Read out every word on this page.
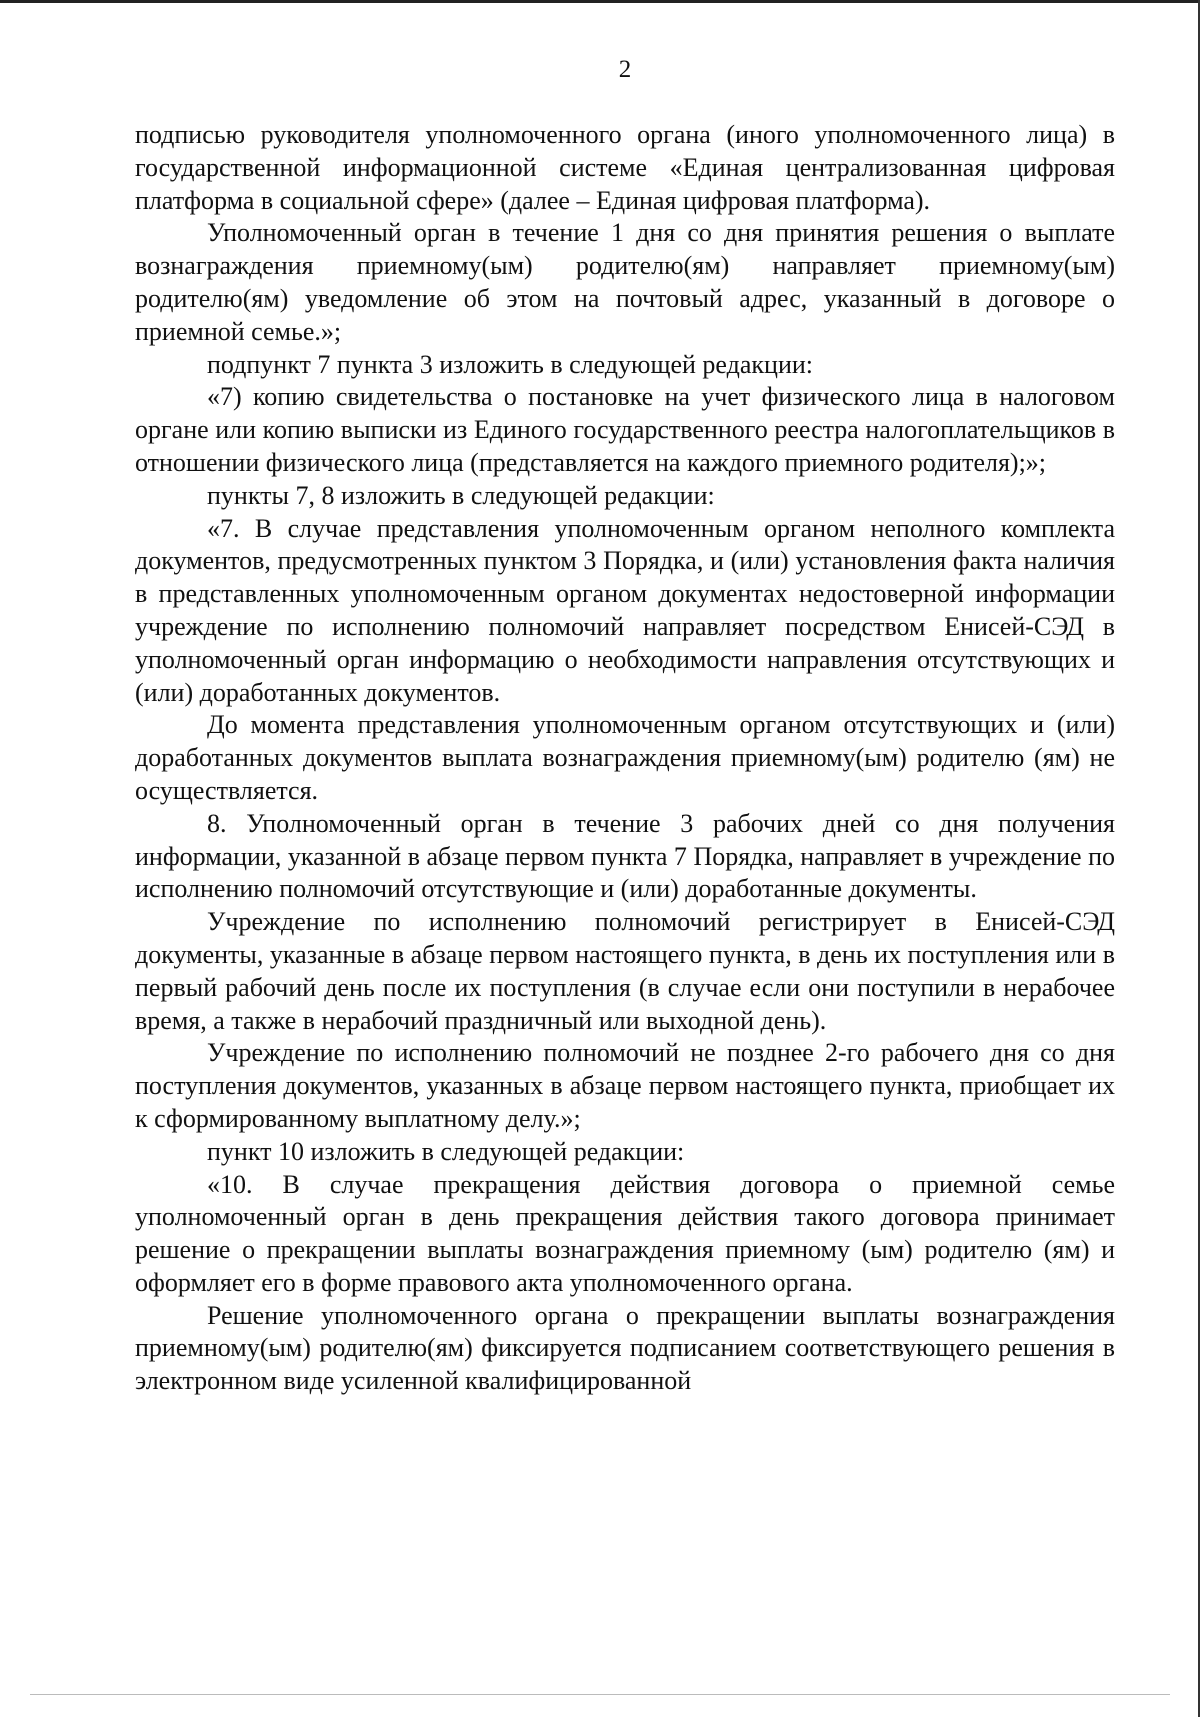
2

подписью руководителя уполномоченного органа (иного уполномоченного лица) в государственной информационной системе «Единая централизованная цифровая платформа в социальной сфере» (далее – Единая цифровая платформа).

Уполномоченный орган в течение 1 дня со дня принятия решения о выплате вознаграждения приемному(ым) родителю(ям) направляет приемному(ым) родителю(ям) уведомление об этом на почтовый адрес, указанный в договоре о приемной семье.»;

подпункт 7 пункта 3 изложить в следующей редакции:

«7) копию свидетельства о постановке на учет физического лица в налоговом органе или копию выписки из Единого государственного реестра налогоплательщиков в отношении физического лица (представляется на каждого приемного родителя);»;

пункты 7, 8 изложить в следующей редакции:

«7. В случае представления уполномоченным органом неполного комплекта документов, предусмотренных пунктом 3 Порядка, и (или) установления факта наличия в представленных уполномоченным органом документах недостоверной информации учреждение по исполнению полномочий направляет посредством Енисей-СЭД в уполномоченный орган информацию о необходимости направления отсутствующих и (или) доработанных документов.

До момента представления уполномоченным органом отсутствующих и (или) доработанных документов выплата вознаграждения приемному(ым) родителю (ям) не осуществляется.

8. Уполномоченный орган в течение 3 рабочих дней со дня получения информации, указанной в абзаце первом пункта 7 Порядка, направляет в учреждение по исполнению полномочий отсутствующие и (или) доработанные документы.

Учреждение по исполнению полномочий регистрирует в Енисей-СЭД документы, указанные в абзаце первом настоящего пункта, в день их поступления или в первый рабочий день после их поступления (в случае если они поступили в нерабочее время, а также в нерабочий праздничный или выходной день).

Учреждение по исполнению полномочий не позднее 2-го рабочего дня со дня поступления документов, указанных в абзаце первом настоящего пункта, приобщает их к сформированному выплатному делу.»;

пункт 10 изложить в следующей редакции:

«10. В случае прекращения действия договора о приемной семье уполномоченный орган в день прекращения действия такого договора принимает решение о прекращении выплаты вознаграждения приемному (ым) родителю (ям) и оформляет его в форме правового акта уполномоченного органа.

Решение уполномоченного органа о прекращении выплаты вознаграждения приемному(ым) родителю(ям) фиксируется подписанием соответствующего решения в электронном виде усиленной квалифицированной
